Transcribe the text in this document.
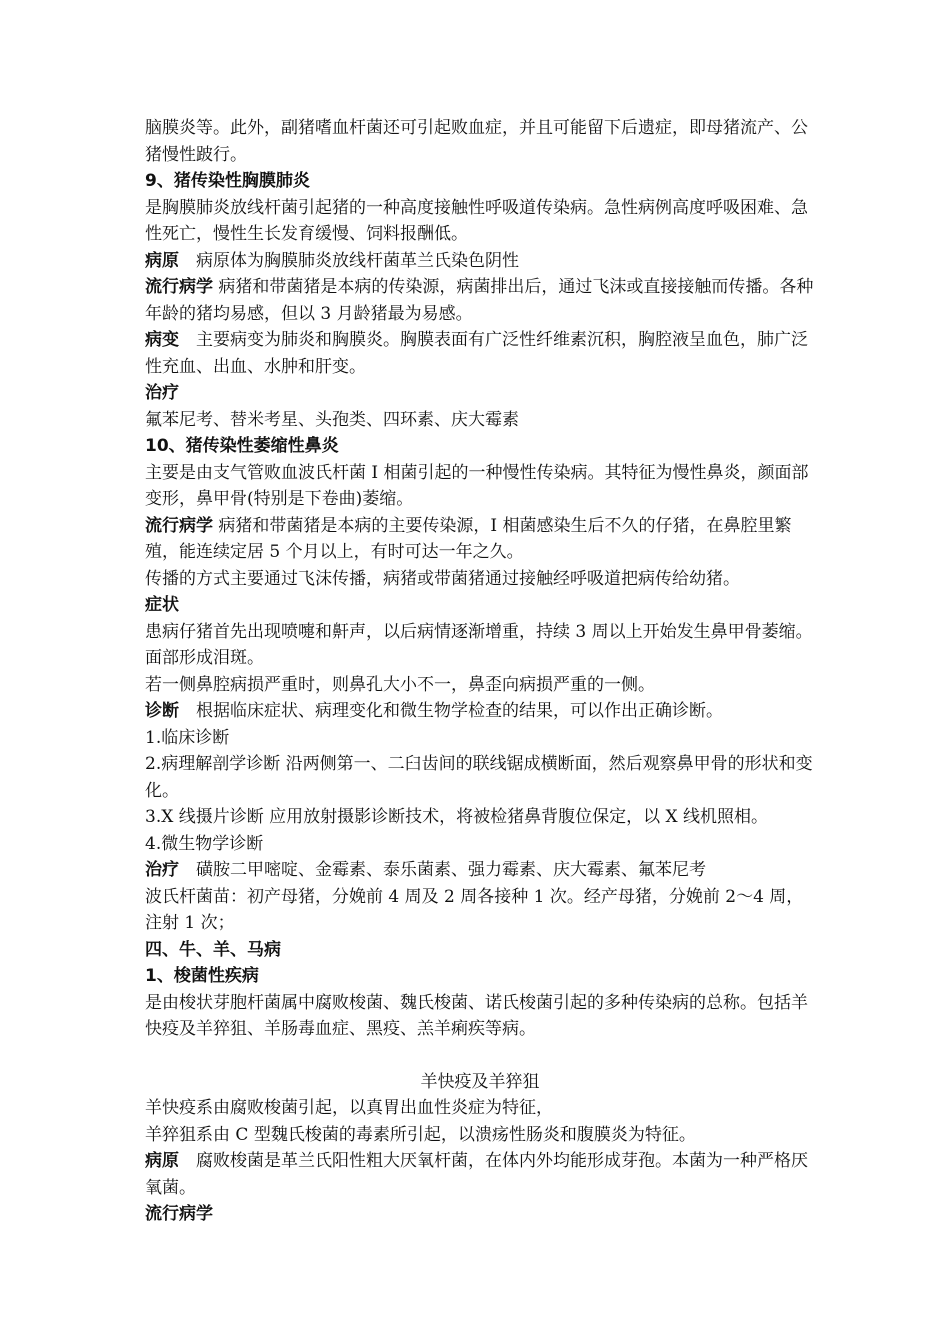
脑膜炎等。此外，副猪嗜血杆菌还可引起败血症，并且可能留下后遗症，即母猪流产、公猪慢性跛行。

9、猪传染性胸膜肺炎

是胸膜肺炎放线杆菌引起猪的一种高度接触性呼吸道传染病。急性病例高度呼吸困难、急性死亡，慢性生长发育缓慢、饲料报酬低。

病原　病原体为胸膜肺炎放线杆菌革兰氏染色阴性

流行病学 病猪和带菌猪是本病的传染源，病菌排出后，通过飞沫或直接接触而传播。各种年龄的猪均易感，但以 3 月龄猪最为易感。

病变　主要病变为肺炎和胸膜炎。胸膜表面有广泛性纤维素沉积，胸腔液呈血色，肺广泛性充血、出血、水肿和肝变。

治疗

氟苯尼考、替米考星、头孢类、四环素、庆大霉素

10、猪传染性萎缩性鼻炎

主要是由支气管败血波氏杆菌 I 相菌引起的一种慢性传染病。其特征为慢性鼻炎，颜面部变形，鼻甲骨(特别是下卷曲)萎缩。

流行病学 病猪和带菌猪是本病的主要传染源，I 相菌感染生后不久的仔猪，在鼻腔里繁殖，能连续定居 5 个月以上，有时可达一年之久。

传播的方式主要通过飞沫传播，病猪或带菌猪通过接触经呼吸道把病传给幼猪。

症状

患病仔猪首先出现喷嚏和鼾声，以后病情逐渐增重，持续 3 周以上开始发生鼻甲骨萎缩。

面部形成泪斑。

若一侧鼻腔病损严重时，则鼻孔大小不一，鼻歪向病损严重的一侧。

诊断　根据临床症状、病理变化和微生物学检查的结果，可以作出正确诊断。

1.临床诊断

2.病理解剖学诊断 沿两侧第一、二臼齿间的联线锯成横断面，然后观察鼻甲骨的形状和变化。

3.X 线摄片诊断 应用放射摄影诊断技术，将被检猪鼻背腹位保定，以 X 线机照相。

4.微生物学诊断

治疗　磺胺二甲嘧啶、金霉素、泰乐菌素、强力霉素、庆大霉素、氟苯尼考

波氏杆菌苗：初产母猪，分娩前 4 周及 2 周各接种 1 次。经产母猪，分娩前 2～4 周，注射 1 次；

四、牛、羊、马病

1、梭菌性疾病

是由梭状芽胞杆菌属中腐败梭菌、魏氏梭菌、诺氏梭菌引起的多种传染病的总称。包括羊快疫及羊猝狙、羊肠毒血症、黑疫、羔羊痢疾等病。

羊快疫及羊猝狙

羊快疫系由腐败梭菌引起，以真胃出血性炎症为特征，

羊猝狙系由 C 型魏氏梭菌的毒素所引起，以溃疡性肠炎和腹膜炎为特征。

病原　腐败梭菌是革兰氏阳性粗大厌氧杆菌，在体内外均能形成芽孢。本菌为一种严格厌氧菌。

流行病学
